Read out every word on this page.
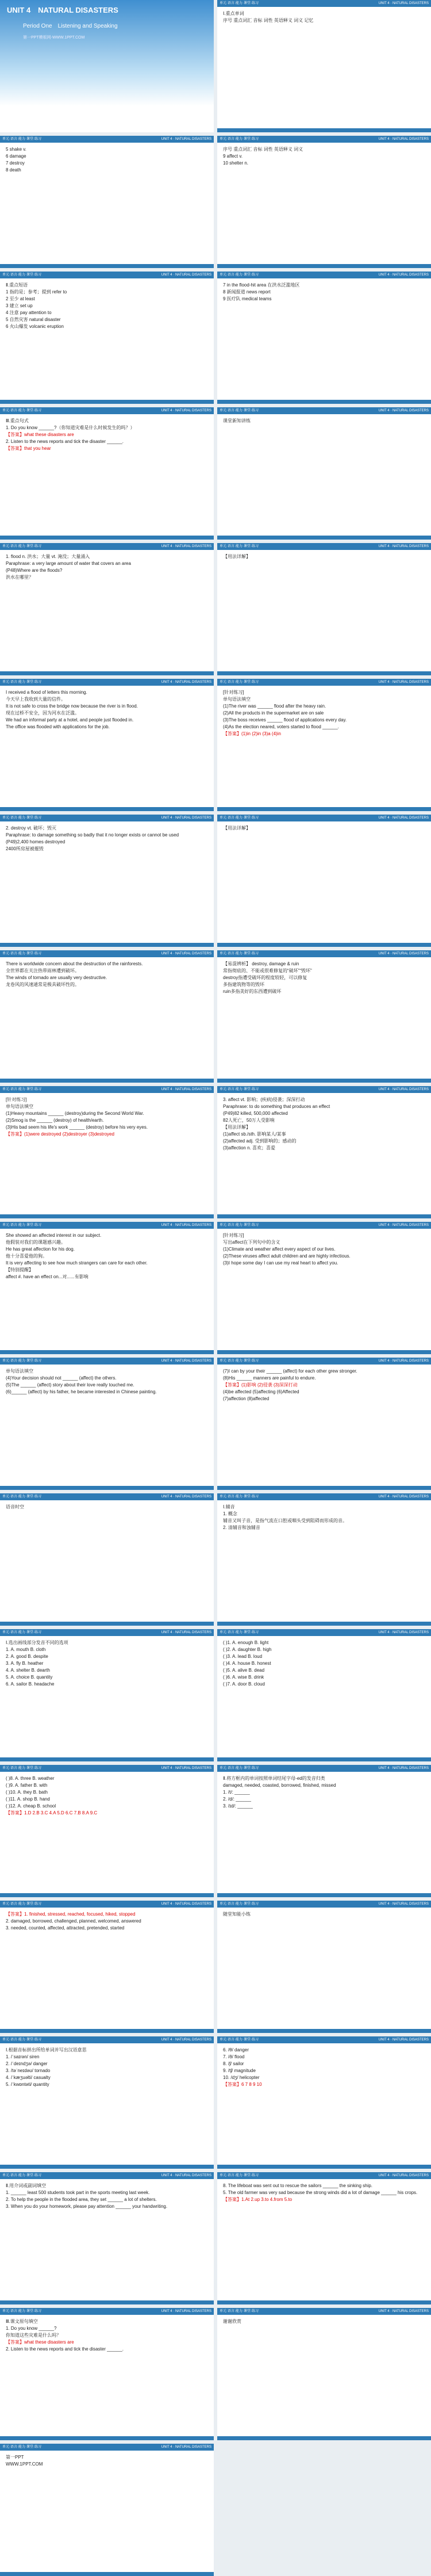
UNIT 4　NATURAL DISASTERS
Period One　Listening and Speaking
第一PPT模板网-WWW.1PPT.COM
单元·语言·能力·课堂·练习	UNIT 4 · NATURAL DISASTERS
Ⅰ.重点单词
序号 重点词汇 音标 词性 英语释义 词义 记忆
单元·语言·能力·课堂·练习	UNIT 4 · NATURAL DISASTERS
5 shake v.
6 damage
7 destroy
8 death
单元·语言·能力·课堂·练习	UNIT 4 · NATURAL DISASTERS
序号 重点词汇 音标 词性 英语释义 词义
9 affect v.
10 shelter n.
单元·语言·能力·课堂·练习	UNIT 4 · NATURAL DISASTERS
Ⅱ.重点短语
1 指的是；参考；提到 refer to
2 至少 at least
3 建立 set up
4 注意 pay attention to
5 自然灾害 natural disaster
6 火山爆发 volcanic eruption
单元·语言·能力·课堂·练习	UNIT 4 · NATURAL DISASTERS
7 in the flood-hit area 在洪水泛滥地区
8 新闻报道 news report
9 医疗队 medical teams
单元·语言·能力·课堂·练习	UNIT 4 · NATURAL DISASTERS
Ⅲ.重点句式
1. Do you know ______?（你知道灾难是什么时候发生的吗？）
【答案】what these disasters are
2. Listen to the news reports and tick the disaster ______.
【答案】that you hear
单元·语言·能力·课堂·练习	UNIT 4 · NATURAL DISASTERS
课堂新知讲练
单元·语言·能力·课堂·练习	UNIT 4 · NATURAL DISASTERS
1. flood n. 洪水；大量 vt. 淹没；大量涌入
Paraphrase: a very large amount of water that covers an area
(P48)Where are the floods?
洪水在哪里？
单元·语言·能力·课堂·练习	UNIT 4 · NATURAL DISASTERS
【用法详解】
单元·语言·能力·课堂·练习	UNIT 4 · NATURAL DISASTERS
I received a flood of letters this morning.
今天早上我收到大量的信件。
It is not safe to cross the bridge now because the river is in flood.
现在过桥不安全，因为河水在泛滥。
We had an informal party at a hotel, and people just flooded in.
The office was flooded with applications for the job.
单元·语言·能力·课堂·练习	UNIT 4 · NATURAL DISASTERS
[针对练习]
单句语法填空
(1)The river was ______ flood after the heavy rain.
(2)All the products in the supermarket are on sale
(3)The boss receives ______ flood of applications every day.
(4)As the election neared, voters started to flood ______.
【答案】(1)in (2)in (3)a (4)in
单元·语言·能力·课堂·练习	UNIT 4 · NATURAL DISASTERS
2. destroy vt. 破坏；毁灭
Paraphrase: to damage something so badly that it no longer exists or cannot be used
(P49)2,400 homes destroyed
2400所房屋被摧毁
单元·语言·能力·课堂·练习	UNIT 4 · NATURAL DISASTERS
【用法详解】
单元·语言·能力·课堂·练习	UNIT 4 · NATURAL DISASTERS
There is worldwide concern about the destruction of the rainforests.
全世界都在关注热带雨林遭到破坏。
The winds of tornado are usually very destructive.
龙卷风的风速通常是极具破坏性的。
单元·语言·能力·课堂·练习	UNIT 4 · NATURAL DISASTERS
【易混辨析】 destroy, damage & ruin
常指彻底的、不能或很难修复的“破坏”“毁坏”
destroy指遭受破坏的程度较轻，可以修复
多指建筑物等的毁坏
ruin多指美好的东西遭到破坏
单元·语言·能力·课堂·练习	UNIT 4 · NATURAL DISASTERS
[针对练习]
单句语法填空
(1)Heavy mountains ______ (destroy)during the Second World War.
(2)Smog is the ______ (destroy) of health/earth.
(3)His bad seem his life's work ______ (destroy) before his very eyes.
【答案】(1)were destroyed (2)destroyer (3)destroyed
单元·语言·能力·课堂·练习	UNIT 4 · NATURAL DISASTERS
3. affect vt. 影响；(疾病)侵袭；深深打动
Paraphrase: to do something that produces an effect
(P49)82 killed, 500,000 affected
82人死亡，50万人受影响
【用法详解】
(1)affect sb./sth. 影响某人/某事
(2)affected adj. 受到影响的；感动的
(3)affection n. 喜欢；喜爱
单元·语言·能力·课堂·练习	UNIT 4 · NATURAL DISASTERS
She showed an affected interest in our subject.
他假装对我们的课题感兴趣。
He has great affection for his dog.
他十分喜爱他的狗。
It is very affecting to see how much strangers can care for each other.
【特别提醒】
affect #. have an effect on...对......有影响
单元·语言·能力·课堂·练习	UNIT 4 · NATURAL DISASTERS
[针对练习]
写出affect在下列句中的含义
(1)Climate and weather affect every aspect of our lives.
(2)These viruses affect adult children and are highly infectious.
(3)I hope some day I can use my real heart to affect you.
单元·语言·能力·课堂·练习	UNIT 4 · NATURAL DISASTERS
单句语法填空
(4)Your decision should not ______ (affect) the others.
(5)The ______ (affect) story about their love really touched me.
(6)______ (affect) by his father, he became interested in Chinese painting.
单元·语言·能力·课堂·练习	UNIT 4 · NATURAL DISASTERS
(7)I can by your their ______ (affect) for each other grew stronger.
(8)His ______ manners are painful to endure.
【答案】(1)影响 (2)侵袭 (3)深深打动
(4)be affected (5)affecting (6)Affected
(7)affection (8)affected
单元·语言·能力·课堂·练习	UNIT 4 · NATURAL DISASTERS
语音时空
单元·语言·能力·课堂·练习	UNIT 4 · NATURAL DISASTERS
Ⅰ.辅音
1. 概念
辅音又叫子音，是指气流在口腔或咽头受到阻碍而形成的音。
2. 清辅音和浊辅音
单元·语言·能力·课堂·练习	UNIT 4 · NATURAL DISASTERS
Ⅰ.选出画线部分发音不同的选项
1. A. mouth B. cloth
2. A. good B. despite
3. A. fly B. heather
4. A. shelter B. dearth
5. A. choice B. quantity
6. A. sailor B. headache
单元·语言·能力·课堂·练习	UNIT 4 · NATURAL DISASTERS
( )1. A. enough B. light
( )2. A. daughter B. high
( )3. A. lead B. loud
( )4. A. house B. honest
( )5. A. alive B. dead
( )6. A. wise B. drink
( )7. A. door B. cloud
单元·语言·能力·课堂·练习	UNIT 4 · NATURAL DISASTERS
( )8. A. three B. weather
( )9. A. father B. with
( )10. A. they B. bath
( )11. A. shop B. hand
( )12. A. cheap B. school
【答案】1.D 2.B 3.C 4.A 5.D 6.C 7.B 8.A 9.C
单元·语言·能力·课堂·练习	UNIT 4 · NATURAL DISASTERS
Ⅱ.将方框内的单词按照单词结尾字母-ed的发音归类
damaged, needed, coasted, borrowed, finished, missed
1. /t/: ______
2. /d/: ______
3. /ɪd/: ______
单元·语言·能力·课堂·练习	UNIT 4 · NATURAL DISASTERS
【答案】1. finished, stressed, reached, focused, hiked, stopped
2. damaged, borrowed, challenged, planned, welcomed, answered
3. needed, counted, affected, attracted, pretended, started
单元·语言·能力·课堂·练习	UNIT 4 · NATURAL DISASTERS
随堂知能小练
单元·语言·能力·课堂·练习	UNIT 4 · NATURAL DISASTERS
Ⅰ.根据音标拼出所给单词并写出汉语意思
1. /ˈsaɪrən/ siren
2. /ˈdeɪndʒə/ danger
3. /təˈneɪdəʊ/ tornado
4. /ˈkæʒuəlti/ casualty
5. /ˈkwɒntəti/ quantity
单元·语言·能力·课堂·练习	UNIT 4 · NATURAL DISASTERS
6. /θ/ danger
7. /ð/ flood
8. /ʃ/ sailor
9. /tʃ/ magnitude
10. /dʒ/ helicopter
【答案】6 7 8 9 10
单元·语言·能力·课堂·练习	UNIT 4 · NATURAL DISASTERS
Ⅱ.用介词或副词填空
1. ______ least 500 students took part in the sports meeting last week.
2. To help the people in the flooded area, they set ______ a lot of shelters.
3. When you do your homework, please pay attention ______ your handwriting.
单元·语言·能力·课堂·练习	UNIT 4 · NATURAL DISASTERS
8. The lifeboat was sent out to rescue the sailors ______ the sinking ship.
5. The old farmer was very sad because the strong winds did a lot of damage ______ his crops.
【答案】1.At 2.up 3.to 4.from 5.to
单元·语言·能力·课堂·练习	UNIT 4 · NATURAL DISASTERS
Ⅲ.课文原句填空
1. Do you know ______?
你知道这些灾难是什么吗？
【答案】what these disasters are
2. Listen to the news reports and tick the disaster ______.
单元·语言·能力·课堂·练习	UNIT 4 · NATURAL DISASTERS
谢谢欣赏
单元·语言·能力·课堂·练习	UNIT 4 · NATURAL DISASTERS
第一PPT
WWW.1PPT.COM
